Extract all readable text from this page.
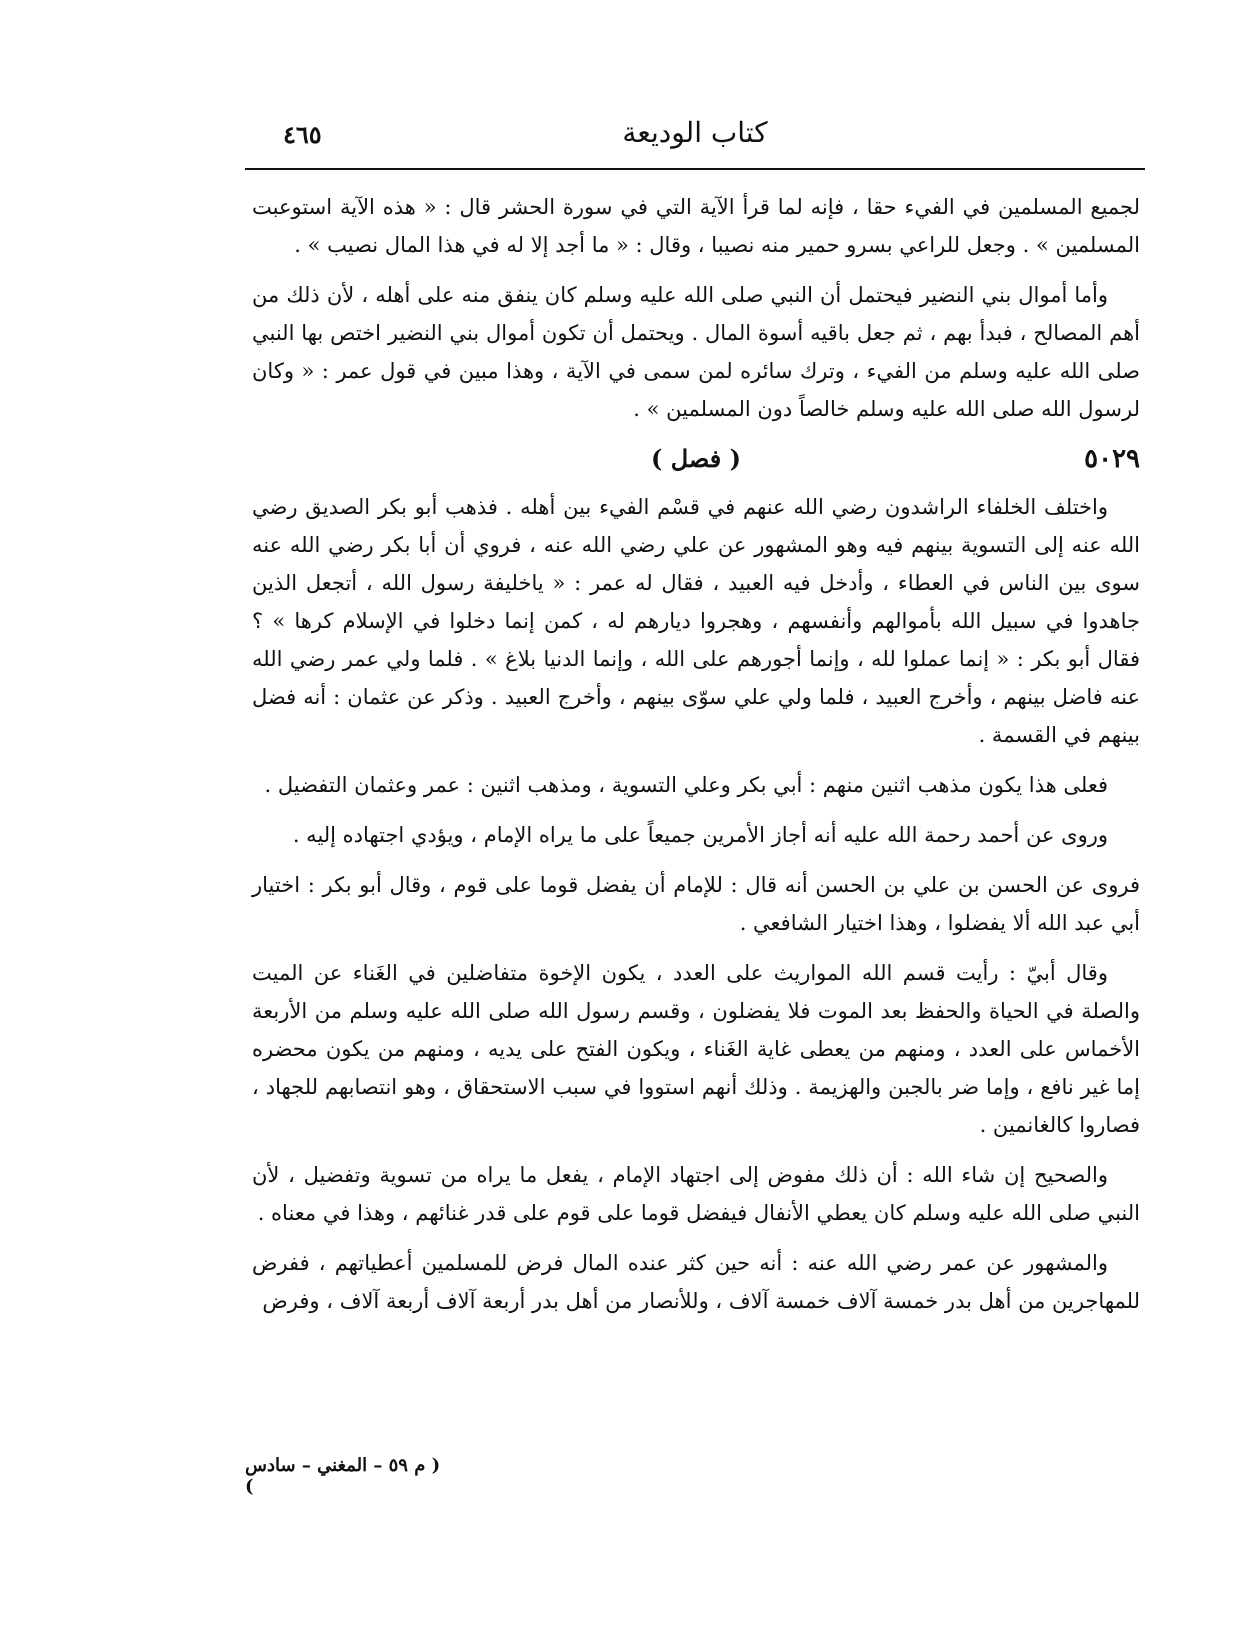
كتاب الوديعة
٤٦٥

لجميع المسلمين في الفيء حقا ، فإنه لما قرأ الآية التي في سورة الحشر قال : « هذه الآية استوعبت المسلمين » . وجعل للراعي بسرو حمير منه نصيبا ، وقال : « ما أجد إلا له في هذا المال نصيب » .

وأما أموال بني النضير فيحتمل أن النبي صلى الله عليه وسلم كان ينفق منه على أهله ، لأن ذلك من أهم المصالح ، فبدأ بهم ، ثم جعل باقيه أسوة المال . ويحتمل أن تكون أموال بني النضير اختص بها النبي صلى الله عليه وسلم من الفيء ، وترك سائره لمن سمى في الآية ، وهذا مبين في قول عمر : « وكان لرسول الله صلى الله عليه وسلم خالصاً دون المسلمين » .

٥٠٢٩
( فصل )

واختلف الخلفاء الراشدون رضي الله عنهم في قسْم الفيء بين أهله . فذهب أبو بكر الصديق رضي الله عنه إلى التسوية بينهم فيه وهو المشهور عن علي رضي الله عنه ، فروي أن أبا بكر رضي الله عنه سوى بين الناس في العطاء ، وأدخل فيه العبيد ، فقال له عمر : « ياخليفة رسول الله ، أتجعل الذين جاهدوا في سبيل الله بأموالهم وأنفسهم ، وهجروا ديارهم له ، كمن إنما دخلوا في الإسلام كرها » ؟ فقال أبو بكر : « إنما عملوا لله ، وإنما أجورهم على الله ، وإنما الدنيا بلاغ » . فلما ولي عمر رضي الله عنه فاضل بينهم ، وأخرج العبيد ، فلما ولي علي سوّى بينهم ، وأخرج العبيد . وذكر عن عثمان : أنه فضل بينهم في القسمة .

فعلى هذا يكون مذهب اثنين منهم : أبي بكر وعلي التسوية ، ومذهب اثنين : عمر وعثمان التفضيل .

وروى عن أحمد رحمة الله عليه أنه أجاز الأمرين جميعاً على ما يراه الإمام ، ويؤدي اجتهاده إليه .

فروى عن الحسن بن علي بن الحسن أنه قال : للإمام أن يفضل قوما على قوم ، وقال أبو بكر : اختيار أبي عبد الله ألا يفضلوا ، وهذا اختيار الشافعي .

وقال أبيّ : رأيت قسم الله المواريث على العدد ، يكون الإخوة متفاضلين في الغَناء عن الميت والصلة في الحياة والحفظ بعد الموت فلا يفضلون ، وقسم رسول الله صلى الله عليه وسلم من الأربعة الأخماس على العدد ، ومنهم من يعطى غاية الغَناء ، ويكون الفتح على يديه ، ومنهم من يكون محضره إما غير نافع ، وإما ضر بالجبن والهزيمة . وذلك أنهم استووا في سبب الاستحقاق ، وهو انتصابهم للجهاد ، فصاروا كالغانمين .

والصحيح إن شاء الله : أن ذلك مفوض إلى اجتهاد الإمام ، يفعل ما يراه من تسوية وتفضيل ، لأن النبي صلى الله عليه وسلم كان يعطي الأنفال فيفضل قوما على قوم على قدر غنائهم ، وهذا في معناه .

والمشهور عن عمر رضي الله عنه : أنه حين كثر عنده المال فرض للمسلمين أعطياتهم ، ففرض للمهاجرين من أهل بدر خمسة آلاف خمسة آلاف ، وللأنصار من أهل بدر أربعة آلاف أربعة آلاف ، وفرض

( م ٥٩ – المغني – سادس )
